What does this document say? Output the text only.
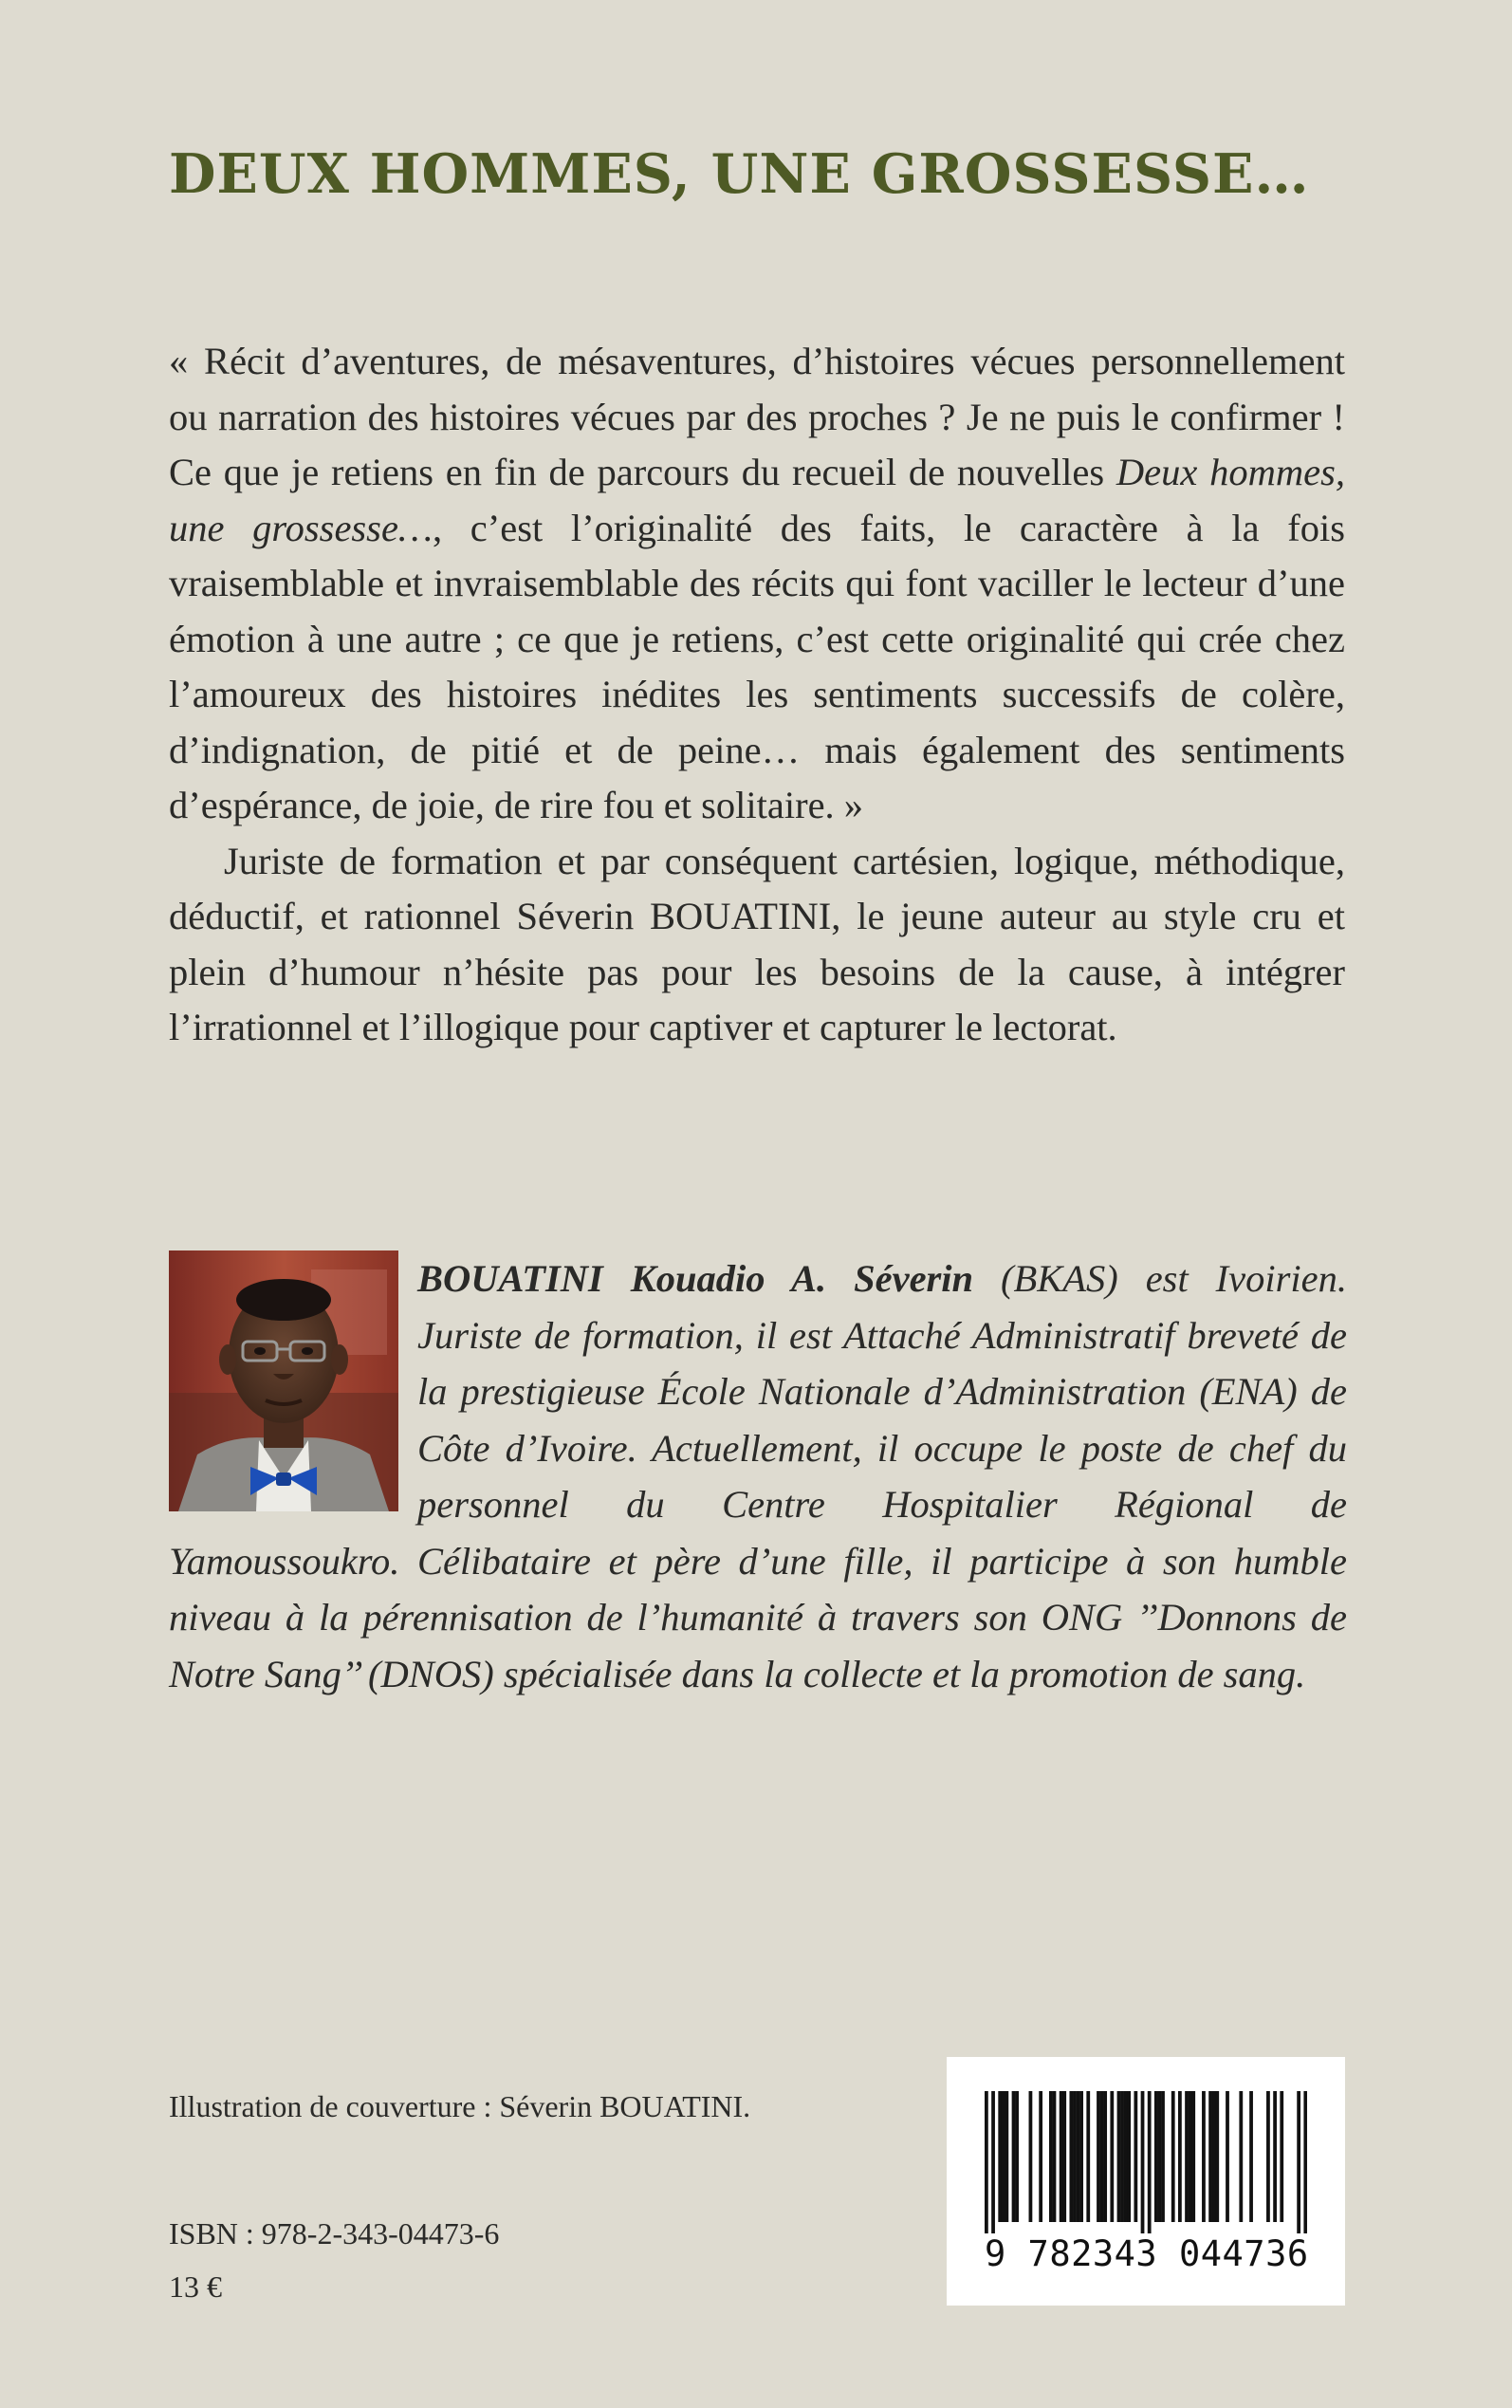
DEUX HOMMES, UNE GROSSESSE…

« Récit d’aventures, de mésaventures, d’histoires vécues personnellement ou narration des histoires vécues par des proches ? Je ne puis le confirmer ! Ce que je retiens en fin de parcours du recueil de nouvelles Deux hommes, une grossesse…, c’est l’originalité des faits, le caractère à la fois vraisemblable et invraisemblable des récits qui font vaciller le lecteur d’une émotion à une autre ; ce que je retiens, c’est cette originalité qui crée chez l’amoureux des histoires inédites les sentiments successifs de colère, d’indignation, de pitié et de peine… mais également des sentiments d’espérance, de joie, de rire fou et solitaire. »

Juriste de formation et par conséquent cartésien, logique, méthodique, déductif, et rationnel Séverin BOUATINI, le jeune auteur au style cru et plein d’humour n’hésite pas pour les besoins de la cause, à intégrer l’irrationnel et l’illogique pour captiver et capturer le lectorat.

BOUATINI Kouadio A. Séverin (BKAS) est Ivoirien. Juriste de formation, il est Attaché Administratif breveté de la prestigieuse École Nationale d’Administration (ENA) de Côte d’Ivoire. Actuellement, il occupe le poste de chef du personnel du Centre Hospitalier Régional de Yamoussoukro. Célibataire et père d’une fille, il participe à son humble niveau à la pérennisation de l’humanité à travers son ONG ’’Donnons de Notre Sang’’ (DNOS) spécialisée dans la collecte et la promotion de sang.

Illustration de couverture : Séverin BOUATINI.
ISBN : 978-2-343-04473-6
13 €
9 782343 044736
